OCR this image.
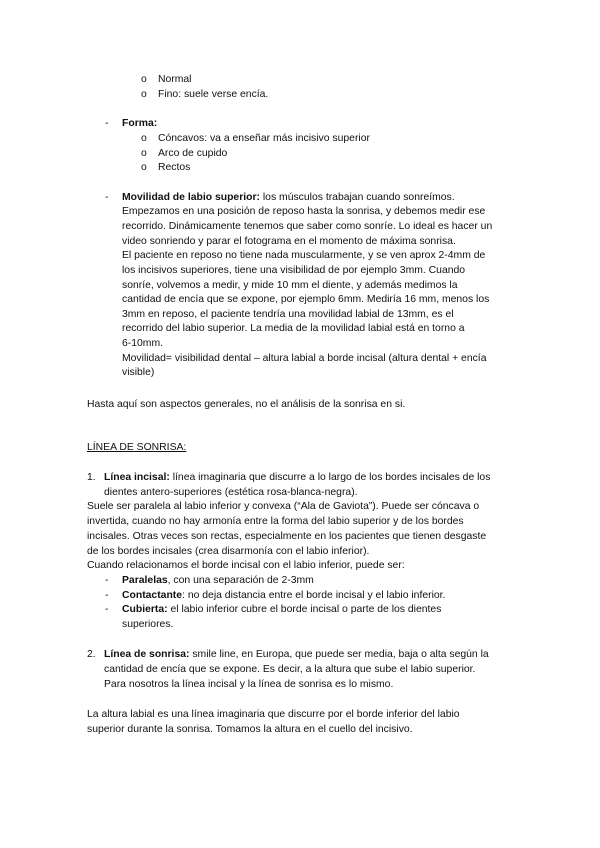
o Normal
o Fino: suele verse encía.
- Forma:
o Cóncavos: va a enseñar más incisivo superior
o Arco de cupido
o Rectos
- Movilidad de labio superior: los músculos trabajan cuando sonreímos.
Empezamos en una posición de reposo hasta la sonrisa, y debemos medir ese
recorrido. Dinámicamente tenemos que saber como sonríe. Lo ideal es hacer un
video sonriendo y parar el fotograma en el momento de máxima sonrisa.
El paciente en reposo no tiene nada muscularmente, y se ven aprox 2-4mm de
los incisivos superiores, tiene una visibilidad de por ejemplo 3mm. Cuando
sonríe, volvemos a medir, y mide 10 mm el diente, y además medimos la
cantidad de encía que se expone, por ejemplo 6mm. Mediría 16 mm, menos los
3mm en reposo, el paciente tendría una movilidad labial de 13mm, es el
recorrido del labio superior. La media de la movilidad labial está en torno a
6-10mm.
Movilidad= visibilidad dental – altura labial a borde incisal (altura dental + encía
visible)
Hasta aquí son aspectos generales, no el análisis de la sonrisa en si.
LÍNEA DE SONRISA:
1. Línea incisal: línea imaginaria que discurre a lo largo de los bordes incisales de los
dientes antero-superiores (estética rosa-blanca-negra).
Suele ser paralela al labio inferior y convexa (“Ala de Gaviota”). Puede ser cóncava o
invertida, cuando no hay armonía entre la forma del labio superior y de los bordes
incisales. Otras veces son rectas, especialmente en los pacientes que tienen desgaste
de los bordes incisales (crea disarmonía con el labio inferior).
Cuando relacionamos el borde incisal con el labio inferior, puede ser:
- Paralelas, con una separación de 2-3mm
- Contactante: no deja distancia entre el borde incisal y el labio inferior.
- Cubierta: el labio inferior cubre el borde incisal o parte de los dientes
superiores.
2. Línea de sonrisa: smile line, en Europa, que puede ser media, baja o alta según la
cantidad de encía que se expone. Es decir, a la altura que sube el labio superior.
Para nosotros la línea incisal y la línea de sonrisa es lo mismo.
La altura labial es una línea imaginaria que discurre por el borde inferior del labio
superior durante la sonrisa. Tomamos la altura en el cuello del incisivo.
